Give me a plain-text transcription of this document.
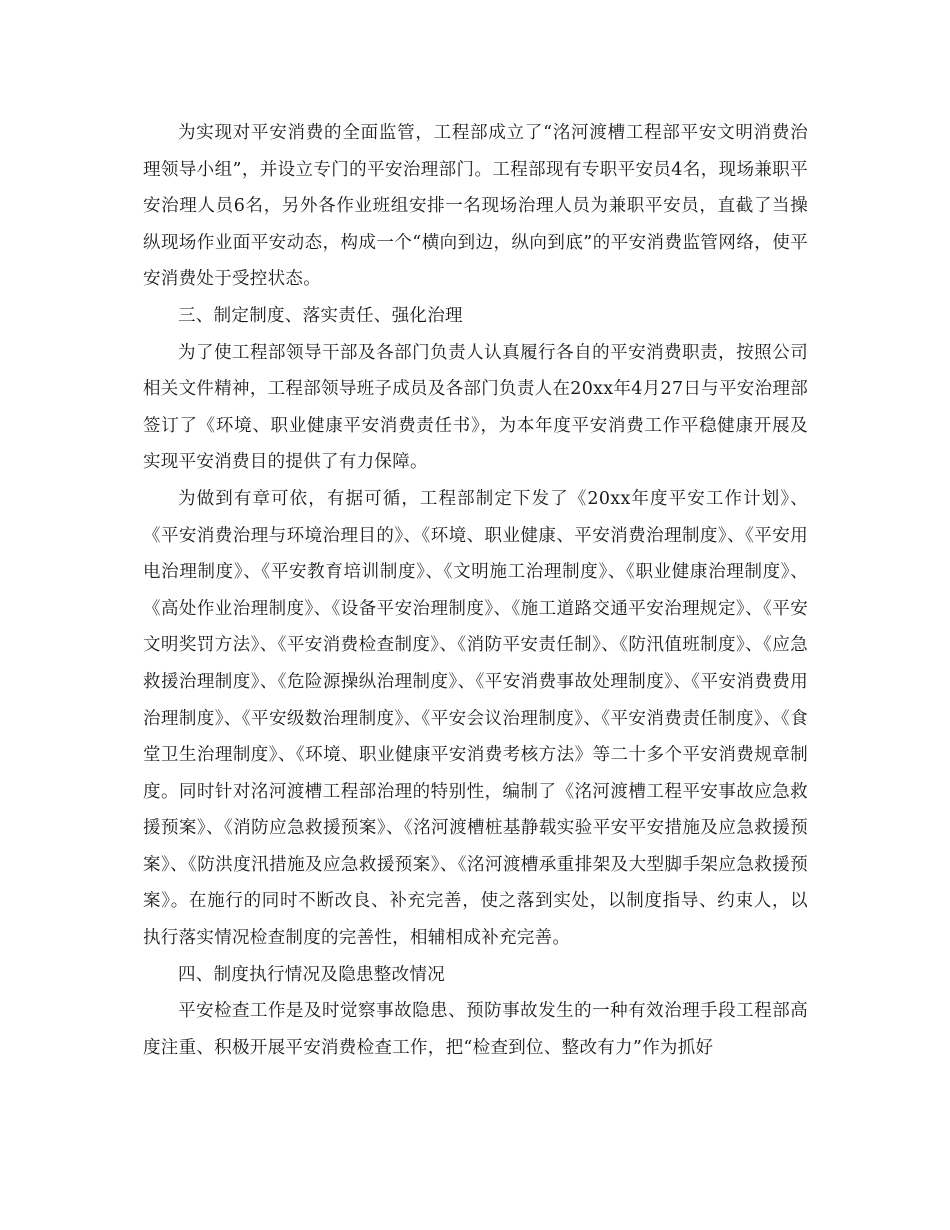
为实现对平安消费的全面监管，工程部成立了“洺河渡槽工程部平安文明消费治理领导小组”，并设立专门的平安治理部门。工程部现有专职平安员4名，现场兼职平安治理人员6名，另外各作业班组安排一名现场治理人员为兼职平安员，直截了当操纵现场作业面平安动态，构成一个“横向到边，纵向到底”的平安消费监管网络，使平安消费处于受控状态。

三、制定制度、落实责任、强化治理

为了使工程部领导干部及各部门负责人认真履行各自的平安消费职责，按照公司相关文件精神，工程部领导班子成员及各部门负责人在20xx年4月27日与平安治理部签订了《环境、职业健康平安消费责任书》，为本年度平安消费工作平稳健康开展及实现平安消费目的提供了有力保障。

为做到有章可依，有据可循，工程部制定下发了《20xx年度平安工作计划》、《平安消费治理与环境治理目的》、《环境、职业健康、平安消费治理制度》、《平安用电治理制度》、《平安教育培训制度》、《文明施工治理制度》、《职业健康治理制度》、《高处作业治理制度》、《设备平安治理制度》、《施工道路交通平安治理规定》、《平安文明奖罚方法》、《平安消费检查制度》、《消防平安责任制》、《防汛值班制度》、《应急救援治理制度》、《危险源操纵治理制度》、《平安消费事故处理制度》、《平安消费费用治理制度》、《平安级数治理制度》、《平安会议治理制度》、《平安消费责任制度》、《食堂卫生治理制度》、《环境、职业健康平安消费考核方法》等二十多个平安消费规章制度。同时针对洺河渡槽工程部治理的特别性，编制了《洺河渡槽工程平安事故应急救援预案》、《消防应急救援预案》、《洺河渡槽桩基静载实验平安平安措施及应急救援预案》、《防洪度汛措施及应急救援预案》、《洺河渡槽承重排架及大型脚手架应急救援预案》。在施行的同时不断改良、补充完善，使之落到实处，以制度指导、约束人，以执行落实情况检查制度的完善性，相辅相成补充完善。

四、制度执行情况及隐患整改情况

平安检查工作是及时觉察事故隐患、预防事故发生的一种有效治理手段工程部高度注重、积极开展平安消费检查工作，把“检查到位、整改有力”作为抓好
